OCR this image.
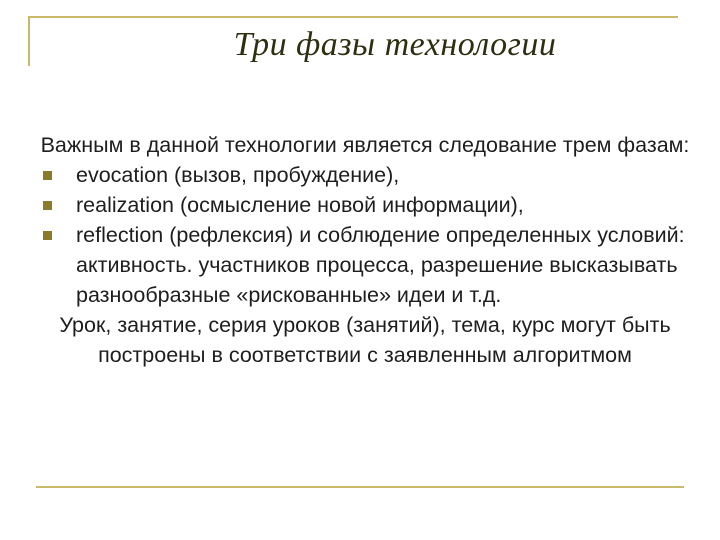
Три фазы технологии

Важным в данной технологии является следование трем фазам:

evocation (вызов, пробуждение),
realization (осмысление новой информации),
reflection (рефлексия) и соблюдение определенных условий: активность. участников процесса, разрешение высказывать разнообразные «рискованные» идеи и т.д.

Урок, занятие, серия уроков (занятий), тема, курс могут быть построены в соответствии с заявленным алгоритмом
